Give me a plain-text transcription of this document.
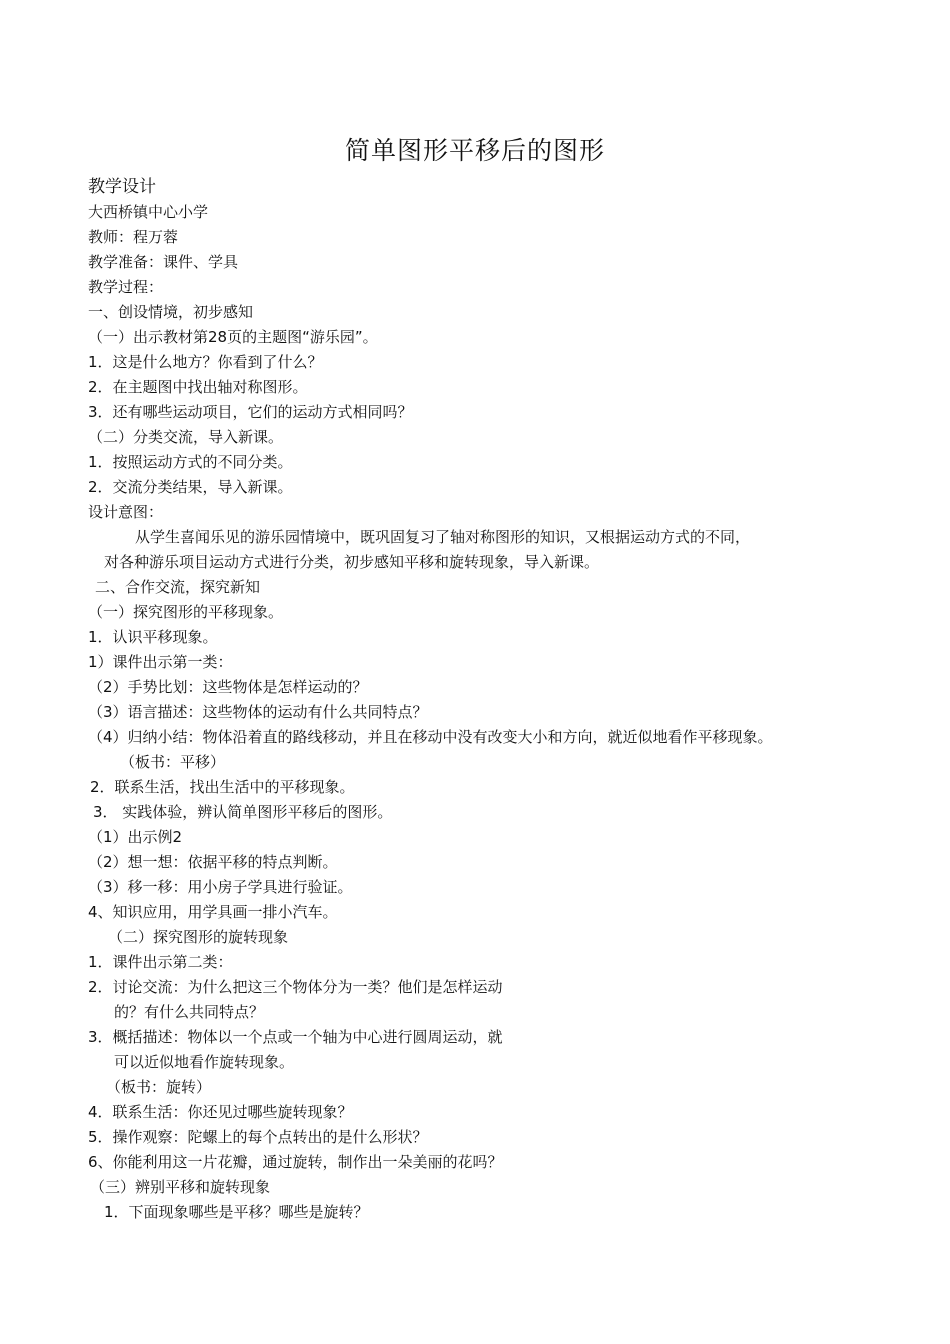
简单图形平移后的图形
教学设计
大西桥镇中心小学
教师：程万蓉
教学准备：课件、学具
教学过程：
一、创设情境，初步感知
（一）出示教材第28页的主题图“游乐园”。
1．这是什么地方？你看到了什么？
2．在主题图中找出轴对称图形。
3．还有哪些运动项目，它们的运动方式相同吗？
（二）分类交流，导入新课。
1．按照运动方式的不同分类。
2．交流分类结果，导入新课。
设计意图：
从学生喜闻乐见的游乐园情境中，既巩固复习了轴对称图形的知识，又根据运动方式的不同，
对各种游乐项目运动方式进行分类，初步感知平移和旋转现象，导入新课。
二、合作交流，探究新知
（一）探究图形的平移现象。
1．认识平移现象。
1）课件出示第一类：
（2）手势比划：这些物体是怎样运动的？
（3）语言描述：这些物体的运动有什么共同特点？
（4）归纳小结：物体沿着直的路线移动，并且在移动中没有改变大小和方向，就近似地看作平移现象。
（板书：平移）
2．联系生活，找出生活中的平移现象。
3． 实践体验，辨认简单图形平移后的图形。
（1）出示例2
（2）想一想：依据平移的特点判断。
（3）移一移：用小房子学具进行验证。
4、知识应用，用学具画一排小汽车。
（二）探究图形的旋转现象
1．课件出示第二类：
2．讨论交流：为什么把这三个物体分为一类？他们是怎样运动
的？有什么共同特点？
3．概括描述：物体以一个点或一个轴为中心进行圆周运动，就
可以近似地看作旋转现象。
（板书：旋转）
4．联系生活：你还见过哪些旋转现象？
5．操作观察：陀螺上的每个点转出的是什么形状？
6、你能利用这一片花瓣，通过旋转，制作出一朵美丽的花吗？
（三）辨别平移和旋转现象
1．下面现象哪些是平移？哪些是旋转？
